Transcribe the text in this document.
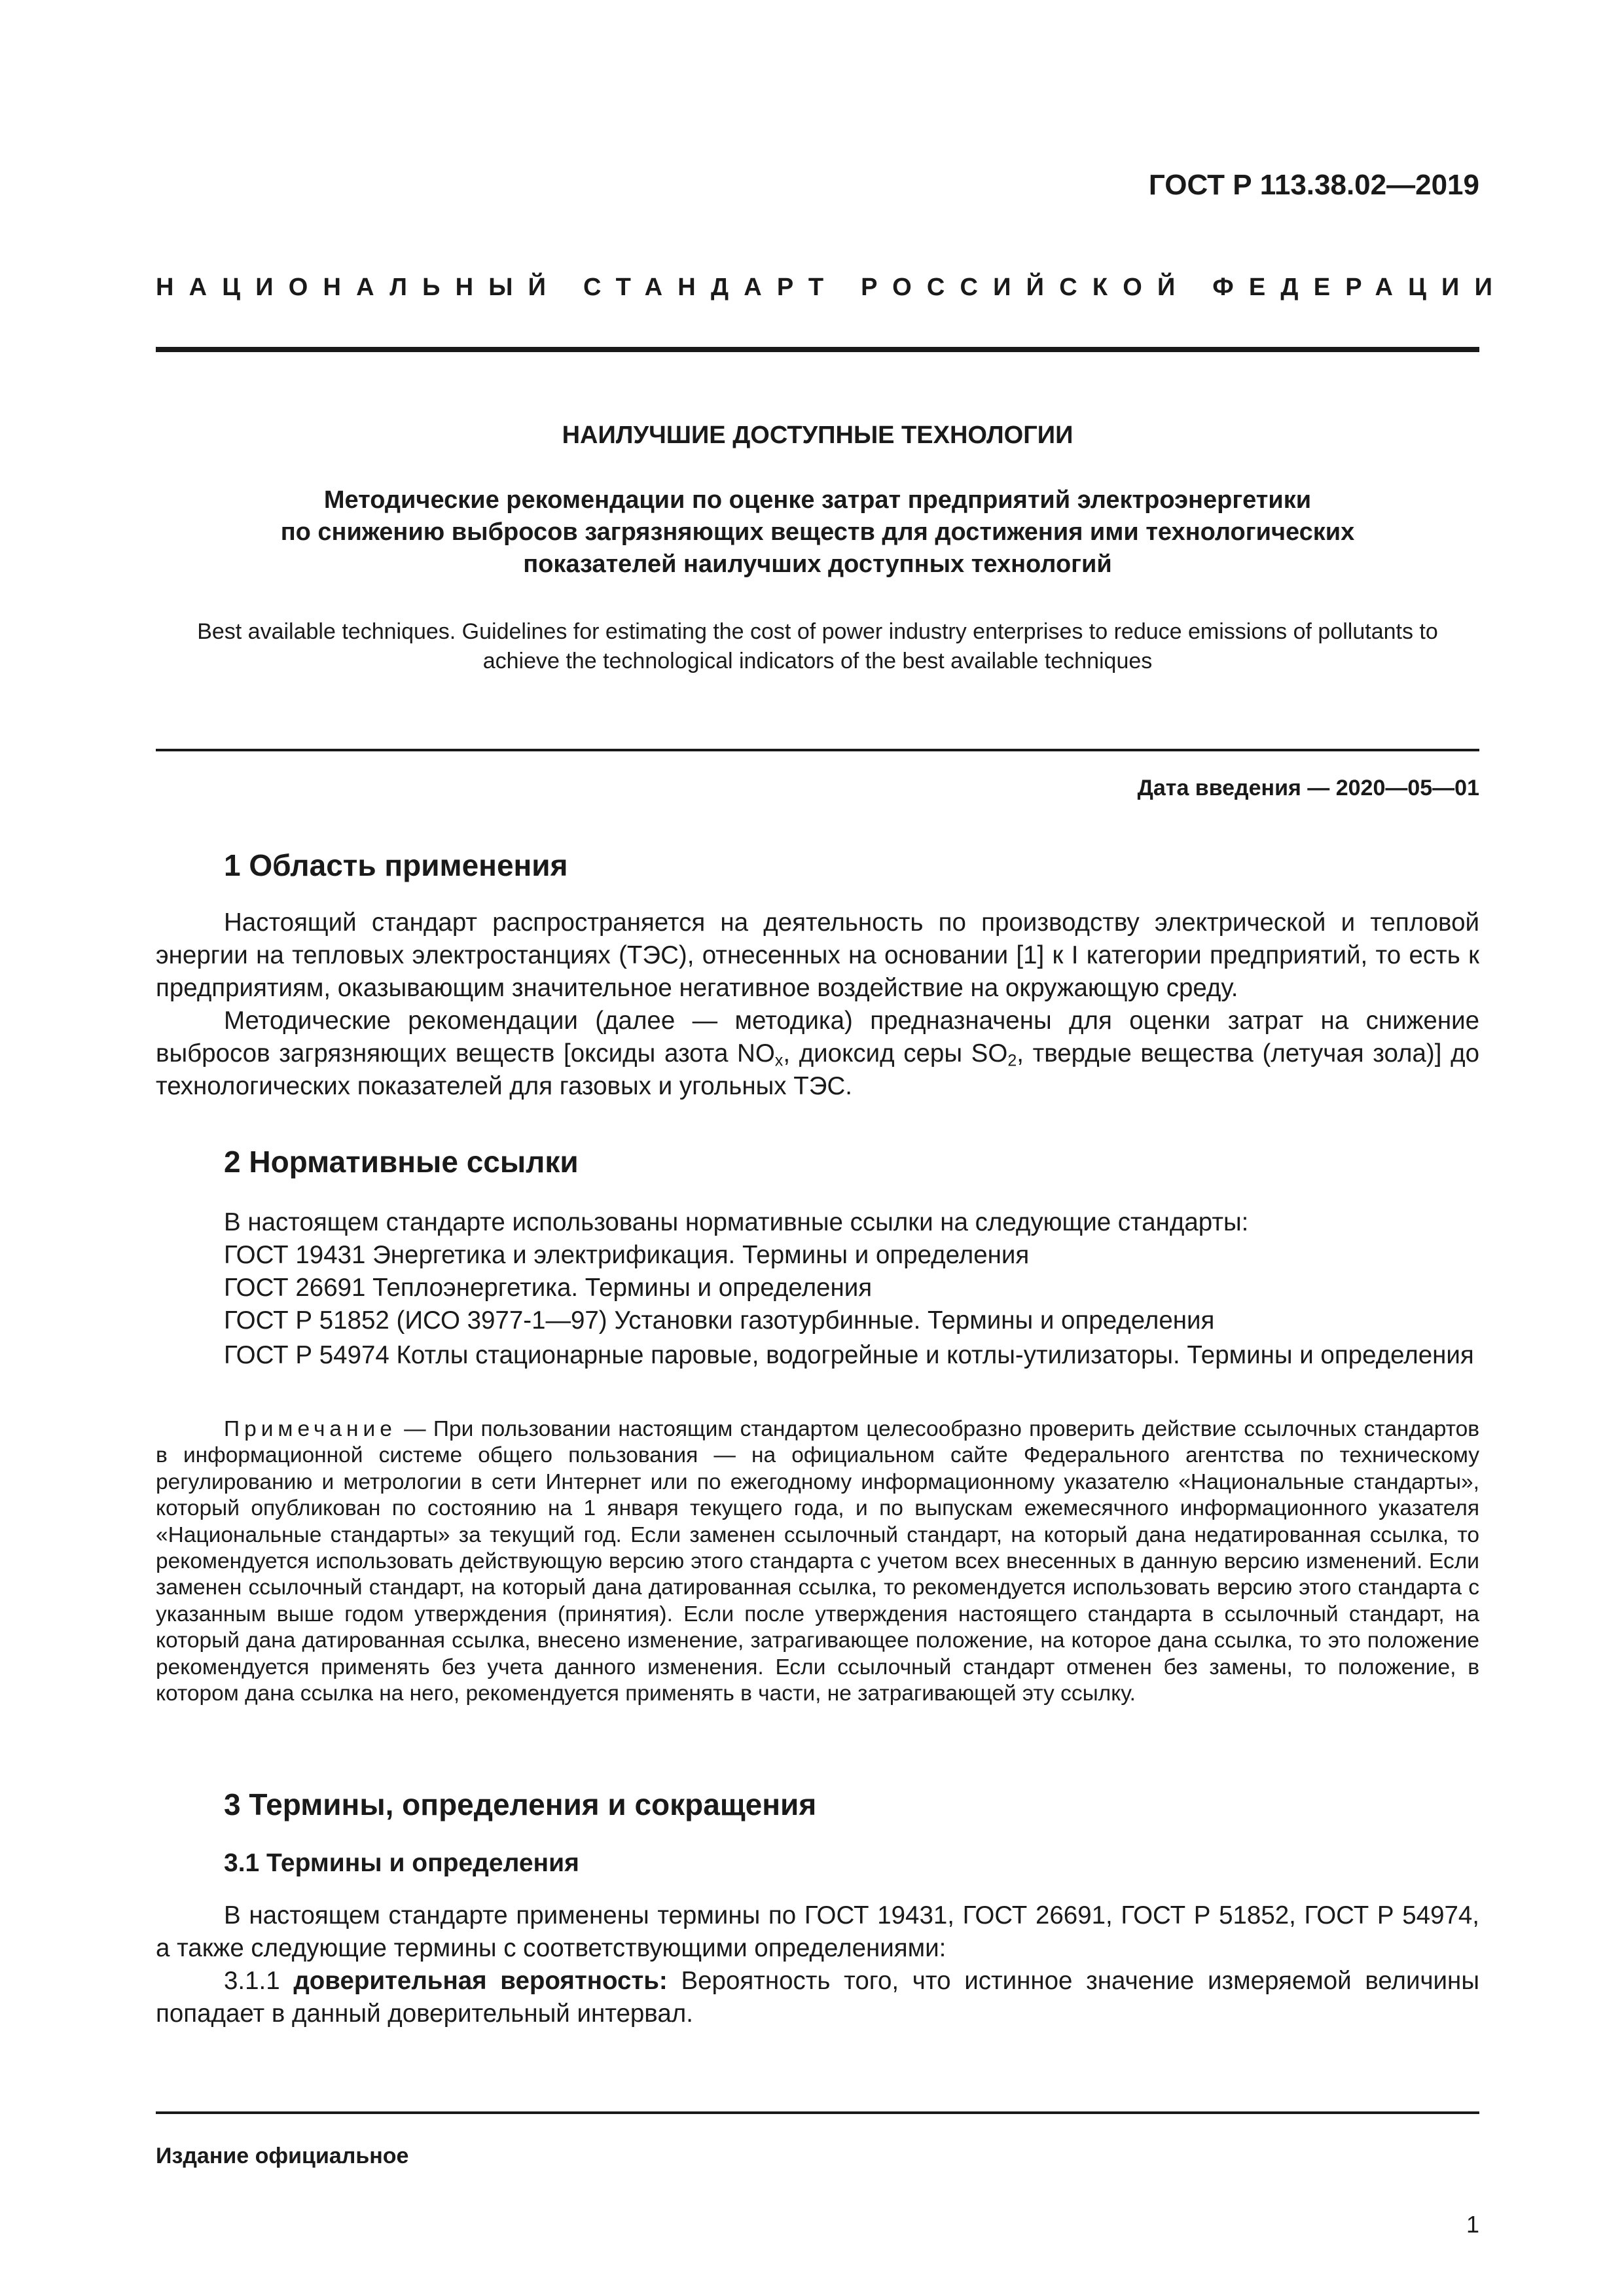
ГОСТ Р 113.38.02—2019
НАЦИОНАЛЬНЫЙ СТАНДАРТ РОССИЙСКОЙ ФЕДЕРАЦИИ
НАИЛУЧШИЕ ДОСТУПНЫЕ ТЕХНОЛОГИИ
Методические рекомендации по оценке затрат предприятий электроэнергетики
по снижению выбросов загрязняющих веществ для достижения ими технологических
показателей наилучших доступных технологий
Best available techniques. Guidelines for estimating the cost of power industry enterprises to reduce emissions of pollutants to achieve the technological indicators of the best available techniques
Дата введения — 2020—05—01
1 Область применения
Настоящий стандарт распространяется на деятельность по производству электрической и тепловой энергии на тепловых электростанциях (ТЭС), отнесенных на основании [1] к I категории предприятий, то есть к предприятиям, оказывающим значительное негативное воздействие на окружающую среду.
Методические рекомендации (далее — методика) предназначены для оценки затрат на снижение выбросов загрязняющих веществ [оксиды азота $NO_x$, диоксид серы $SO_2$, твердые вещества (летучая зола)] до технологических показателей для газовых и угольных ТЭС.
2 Нормативные ссылки
В настоящем стандарте использованы нормативные ссылки на следующие стандарты:
ГОСТ 19431 Энергетика и электрификация. Термины и определения
ГОСТ 26691 Теплоэнергетика. Термины и определения
ГОСТ Р 51852 (ИСО 3977-1—97) Установки газотурбинные. Термины и определения
ГОСТ Р 54974 Котлы стационарные паровые, водогрейные и котлы-утилизаторы. Термины и определения
Примечание — При пользовании настоящим стандартом целесообразно проверить действие ссылочных стандартов в информационной системе общего пользования — на официальном сайте Федерального агентства по техническому регулированию и метрологии в сети Интернет или по ежегодному информационному указателю «Национальные стандарты», который опубликован по состоянию на 1 января текущего года, и по выпускам ежемесячного информационного указателя «Национальные стандарты» за текущий год. Если заменен ссылочный стандарт, на который дана недатированная ссылка, то рекомендуется использовать действующую версию этого стандарта с учетом всех внесенных в данную версию изменений. Если заменен ссылочный стандарт, на который дана датированная ссылка, то рекомендуется использовать версию этого стандарта с указанным выше годом утверждения (принятия). Если после утверждения настоящего стандарта в ссылочный стандарт, на который дана датированная ссылка, внесено изменение, затрагивающее положение, на которое дана ссылка, то это положение рекомендуется применять без учета данного изменения. Если ссылочный стандарт отменен без замены, то положение, в котором дана ссылка на него, рекомендуется применять в части, не затрагивающей эту ссылку.
3 Термины, определения и сокращения
3.1 Термины и определения
В настоящем стандарте применены термины по ГОСТ 19431, ГОСТ 26691, ГОСТ Р 51852, ГОСТ Р 54974, а также следующие термины с соответствующими определениями:
3.1.1 доверительная вероятность: Вероятность того, что истинное значение измеряемой величины попадает в данный доверительный интервал.
Издание официальное
1
